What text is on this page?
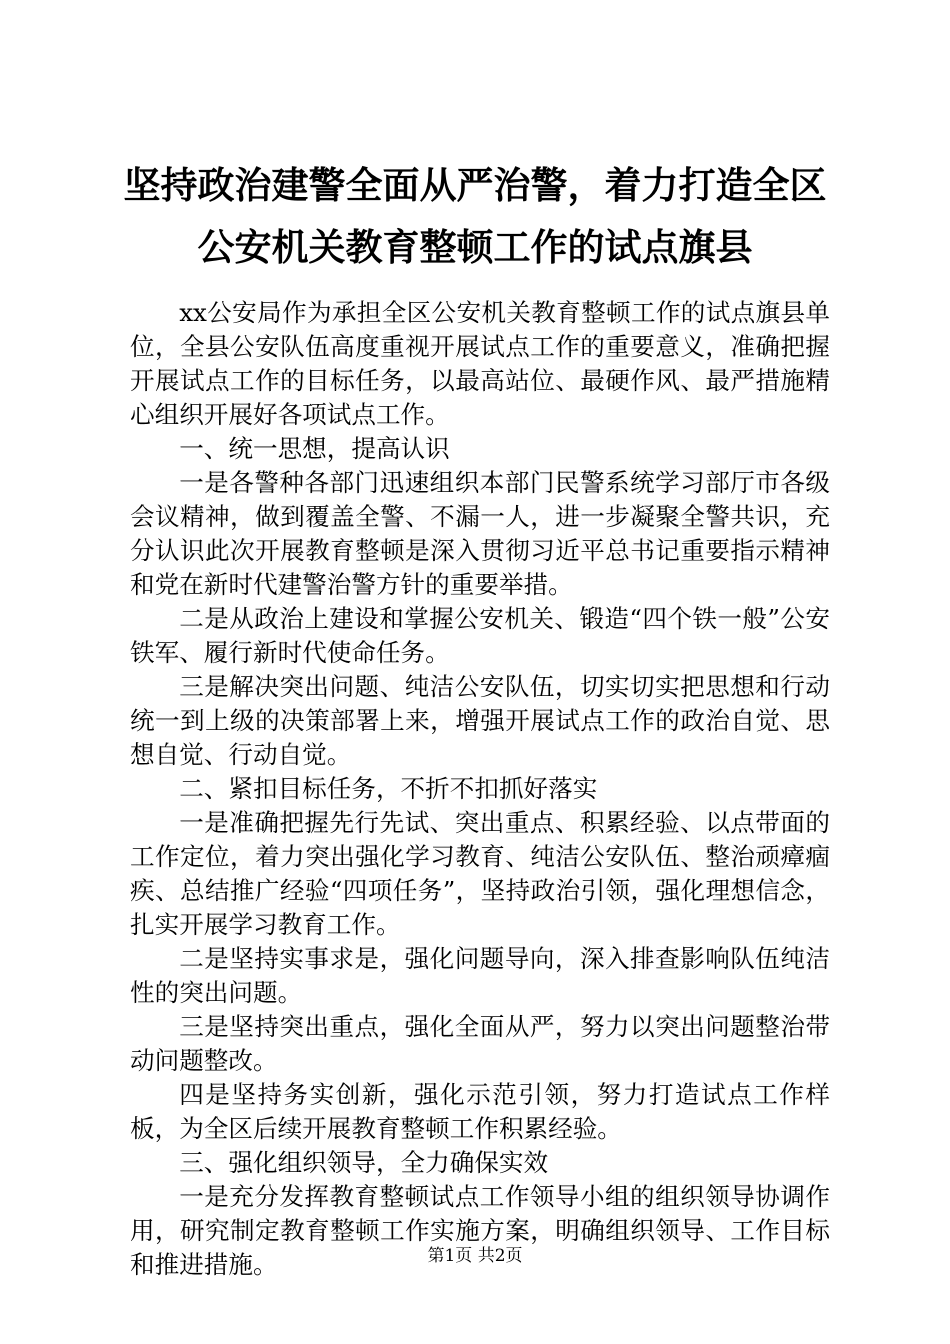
坚持政治建警全面从严治警，着力打造全区公安机关教育整顿工作的试点旗县

xx公安局作为承担全区公安机关教育整顿工作的试点旗县单位，全县公安队伍高度重视开展试点工作的重要意义，准确把握开展试点工作的目标任务，以最高站位、最硬作风、最严措施精心组织开展好各项试点工作。

一、统一思想，提高认识

一是各警种各部门迅速组织本部门民警系统学习部厅市各级会议精神，做到覆盖全警、不漏一人，进一步凝聚全警共识，充分认识此次开展教育整顿是深入贯彻习近平总书记重要指示精神和党在新时代建警治警方针的重要举措。

二是从政治上建设和掌握公安机关、锻造“四个铁一般”公安铁军、履行新时代使命任务。

三是解决突出问题、纯洁公安队伍，切实切实把思想和行动统一到上级的决策部署上来，增强开展试点工作的政治自觉、思想自觉、行动自觉。

二、紧扣目标任务，不折不扣抓好落实

一是准确把握先行先试、突出重点、积累经验、以点带面的工作定位，着力突出强化学习教育、纯洁公安队伍、整治顽瘴痼疾、总结推广经验“四项任务”，坚持政治引领，强化理想信念，扎实开展学习教育工作。

二是坚持实事求是，强化问题导向，深入排查影响队伍纯洁性的突出问题。

三是坚持突出重点，强化全面从严，努力以突出问题整治带动问题整改。

四是坚持务实创新，强化示范引领，努力打造试点工作样板，为全区后续开展教育整顿工作积累经验。

三、强化组织领导，全力确保实效

一是充分发挥教育整顿试点工作领导小组的组织领导协调作用，研究制定教育整顿工作实施方案，明确组织领导、工作目标和推进措施。	第1页 共2页
